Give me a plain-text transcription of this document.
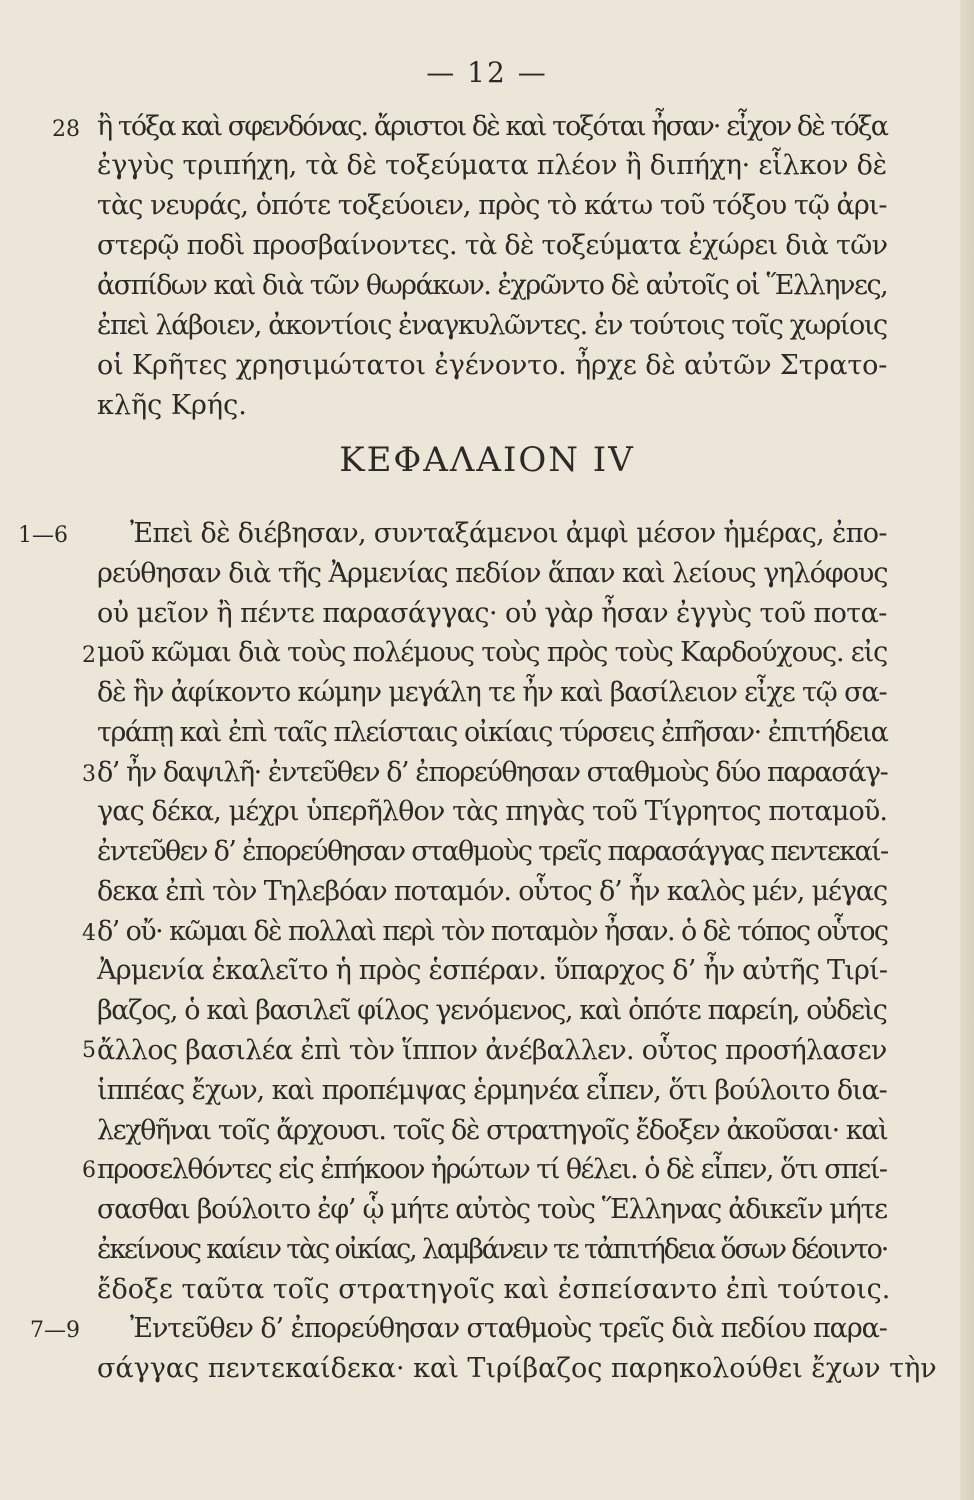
— 12 —
ἢ τόξα καὶ σφενδόνας. ἄριστοι δὲ καὶ τοξόται ἦσαν· εἶχον δὲ τόξα
ἐγγὺς τριπήχη, τὰ δὲ τοξεύματα πλέον ἢ διπήχη· εἷλκον δὲ
τὰς νευράς, ὁπότε τοξεύοιεν, πρὸς τὸ κάτω τοῦ τόξου τῷ ἀρι-
στερῷ ποδὶ προσβαίνοντες. τὰ δὲ τοξεύματα ἐχώρει διὰ τῶν
ἀσπίδων καὶ διὰ τῶν θωράκων. ἐχρῶντο δὲ αὐτοῖς οἱ Ἕλληνες,
ἐπεὶ λάβοιεν, ἀκοντίοις ἐναγκυλῶντες. ἐν τούτοις τοῖς χωρίοις
οἱ Κρῆτες χρησιμώτατοι ἐγένοντο. ἦρχε δὲ αὐτῶν Στρατο-
κλῆς Κρής.
ΚΕΦΑΛΑΙΟΝ IV
Ἐπεὶ δὲ διέβησαν, συνταξάμενοι ἀμφὶ μέσον ἡμέρας, ἐπο-
ρεύθησαν διὰ τῆς Ἀρμενίας πεδίον ἅπαν καὶ λείους γηλόφους
οὐ μεῖον ἢ πέντε παρασάγγας· οὐ γὰρ ἦσαν ἐγγὺς τοῦ ποτα-
μοῦ κῶμαι διὰ τοὺς πολέμους τοὺς πρὸς τοὺς Καρδούχους. εἰς
δὲ ἣν ἀφίκοντο κώμην μεγάλη τε ἦν καὶ βασίλειον εἶχε τῷ σα-
τράπῃ καὶ ἐπὶ ταῖς πλείσταις οἰκίαις τύρσεις ἐπῆσαν· ἐπιτήδεια
δ’ ἦν δαψιλῆ· ἐντεῦθεν δ’ ἐπορεύθησαν σταθμοὺς δύο παρασάγ-
γας δέκα, μέχρι ὑπερῆλθον τὰς πηγὰς τοῦ Τίγρητος ποταμοῦ.
ἐντεῦθεν δ’ ἐπορεύθησαν σταθμοὺς τρεῖς παρασάγγας πεντεκαί-
δεκα ἐπὶ τὸν Τηλεβόαν ποταμόν. οὗτος δ’ ἦν καλὸς μέν, μέγας
δ’ οὔ· κῶμαι δὲ πολλαὶ περὶ τὸν ποταμὸν ἦσαν. ὁ δὲ τόπος οὗτος
Ἀρμενία ἐκαλεῖτο ἡ πρὸς ἑσπέραν. ὕπαρχος δ’ ἦν αὐτῆς Τιρί-
βαζος, ὁ καὶ βασιλεῖ φίλος γενόμενος, καὶ ὁπότε παρείη, οὐδεὶς
ἄλλος βασιλέα ἐπὶ τὸν ἵππον ἀνέβαλλεν. οὗτος προσήλασεν
ἱππέας ἔχων, καὶ προπέμψας ἑρμηνέα εἶπεν, ὅτι βούλοιτο δια-
λεχθῆναι τοῖς ἄρχουσι. τοῖς δὲ στρατηγοῖς ἔδοξεν ἀκοῦσαι· καὶ
προσελθόντες εἰς ἐπήκοον ἠρώτων τί θέλει. ὁ δὲ εἶπεν, ὅτι σπεί-
σασθαι βούλοιτο ἐφ’ ᾧ μήτε αὐτὸς τοὺς Ἕλληνας ἀδικεῖν μήτε
ἐκείνους καίειν τὰς οἰκίας, λαμβάνειν τε τἀπιτήδεια ὅσων δέοιντο·
ἔδοξε ταῦτα τοῖς στρατηγοῖς καὶ ἐσπείσαντο ἐπὶ τούτοις.
Ἐντεῦθεν δ’ ἐπορεύθησαν σταθμοὺς τρεῖς διὰ πεδίου παρα-
σάγγας πεντεκαίδεκα· καὶ Τιρίβαζος παρηκολούθει ἔχων τὴν
28
1—6
2
3
4
5
6
7—9
